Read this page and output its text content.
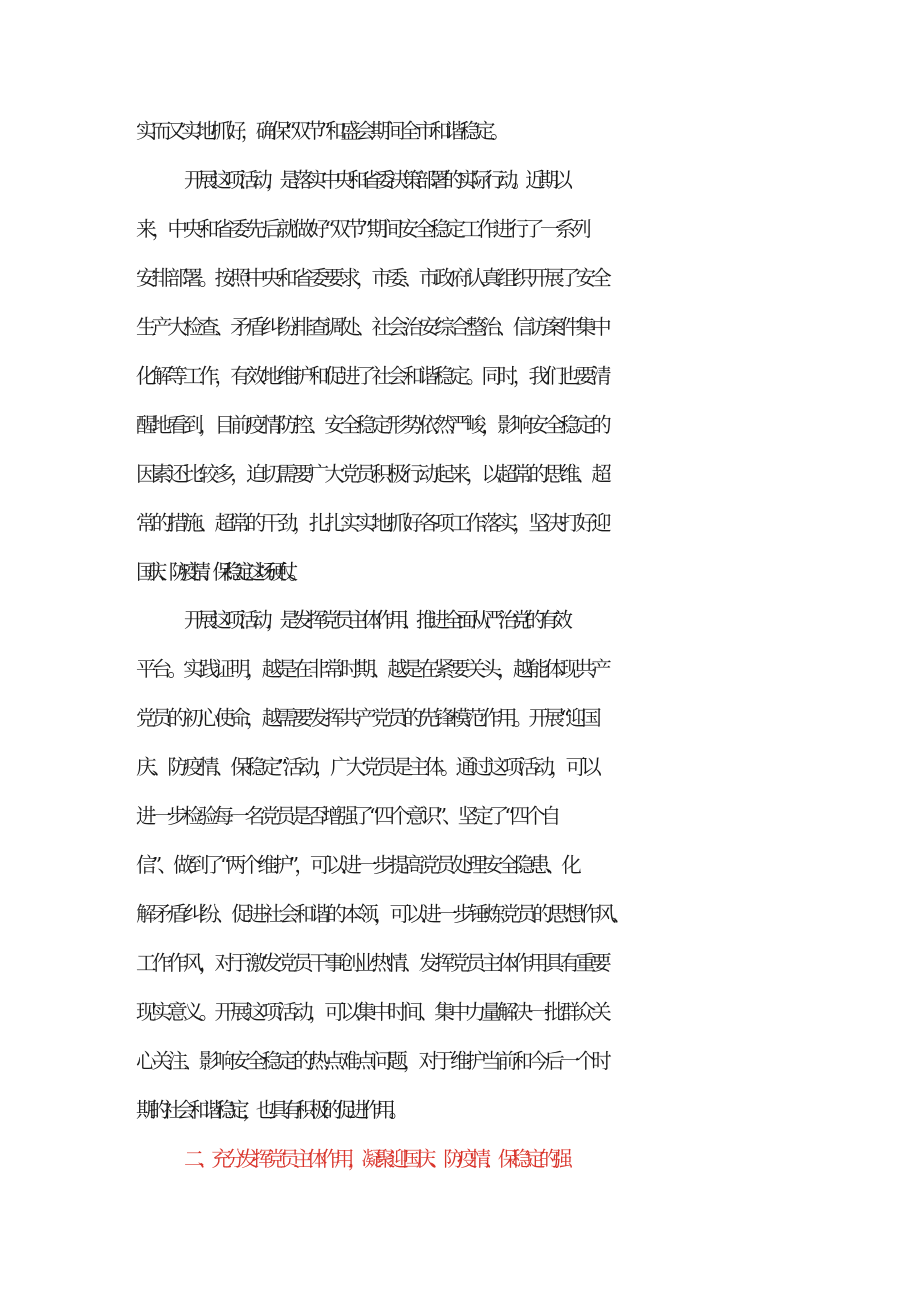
实而又实地抓好，确保“双节”和盛会期间全市和谐稳定。
开展这项活动，是落实中央和省委决策部署的实际行动。近期以
来，中央和省委先后就做好“双节”期间安全稳定工作进行了一系列
安排部署。按照中央和省委要求，市委、市政府认真组织开展了安全
生产大检查、矛盾纠纷排查调处、社会治安综合整治、信访案件集中
化解等工作，有效地维护和促进了社会和谐稳定。同时，我们也要清
醒地看到，目前疫情防控、安全稳定形势依然严峻，影响安全稳定的
因素还比较多，迫切需要广大党员积极行动起来，以超常的思维、超
常的措施、超常的干劲，扎扎实实地抓好各项工作落实，坚决打好迎
国庆、防疫情、保稳定这场硬仗。
开展这项活动，是发挥党员主体作用、推进全面从严治党的有效
平台。实践证明，越是在非常时期、越是在紧要关头，越能体现共产
党员的初心使命，越需要发挥共产党员的先锋模范作用。开展“迎国
庆、防疫情、保稳定”活动，广大党员是主体。通过这项活动，可以
进一步检验每一名党员是否增强了“四个意识”、坚定了“四个自
信”、做到了“两个维护”，可以进一步提高党员处理安全隐患、化
解矛盾纠纷、促进社会和谐的本领，可以进一步锤炼党员的思想作风、
工作作风，对于激发党员干事创业热情、发挥党员主体作用具有重要
现实意义。开展这项活动，可以集中时间、集中力量解决一批群众关
心关注、影响安全稳定的热点难点问题，对于维护当前和今后一个时
期的社会和谐稳定，也具有积极的促进作用。
二、充分发挥党员主体作用，凝聚迎国庆、防疫情、保稳定的强
